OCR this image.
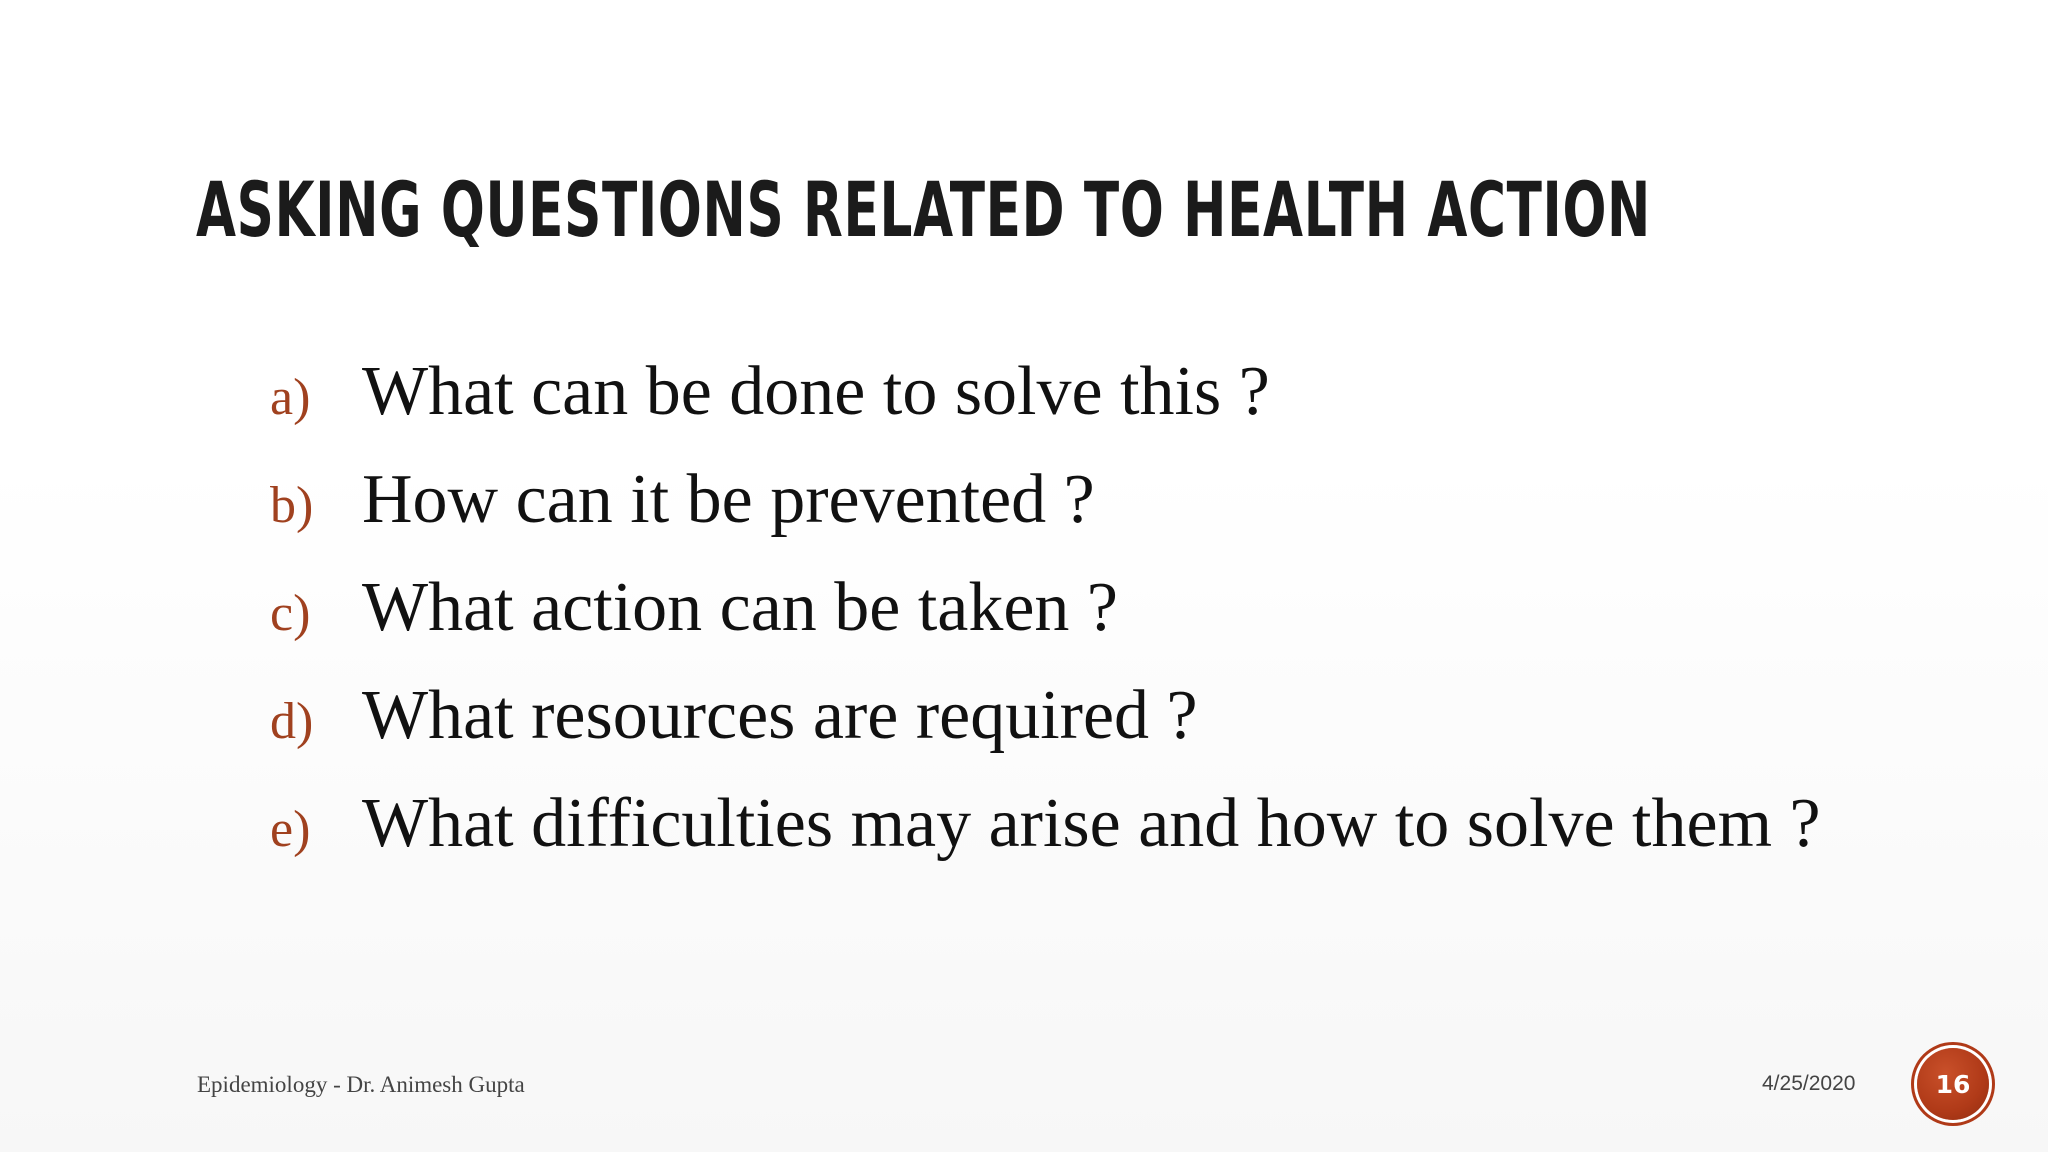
ASKING QUESTIONS RELATED TO HEALTH ACTION
a) What can be done to solve this ?
b) How can it be prevented ?
c) What action can be taken ?
d) What resources are required ?
e) What difficulties may arise and how to solve them ?
Epidemiology - Dr. Animesh Gupta	4/25/2020	16
